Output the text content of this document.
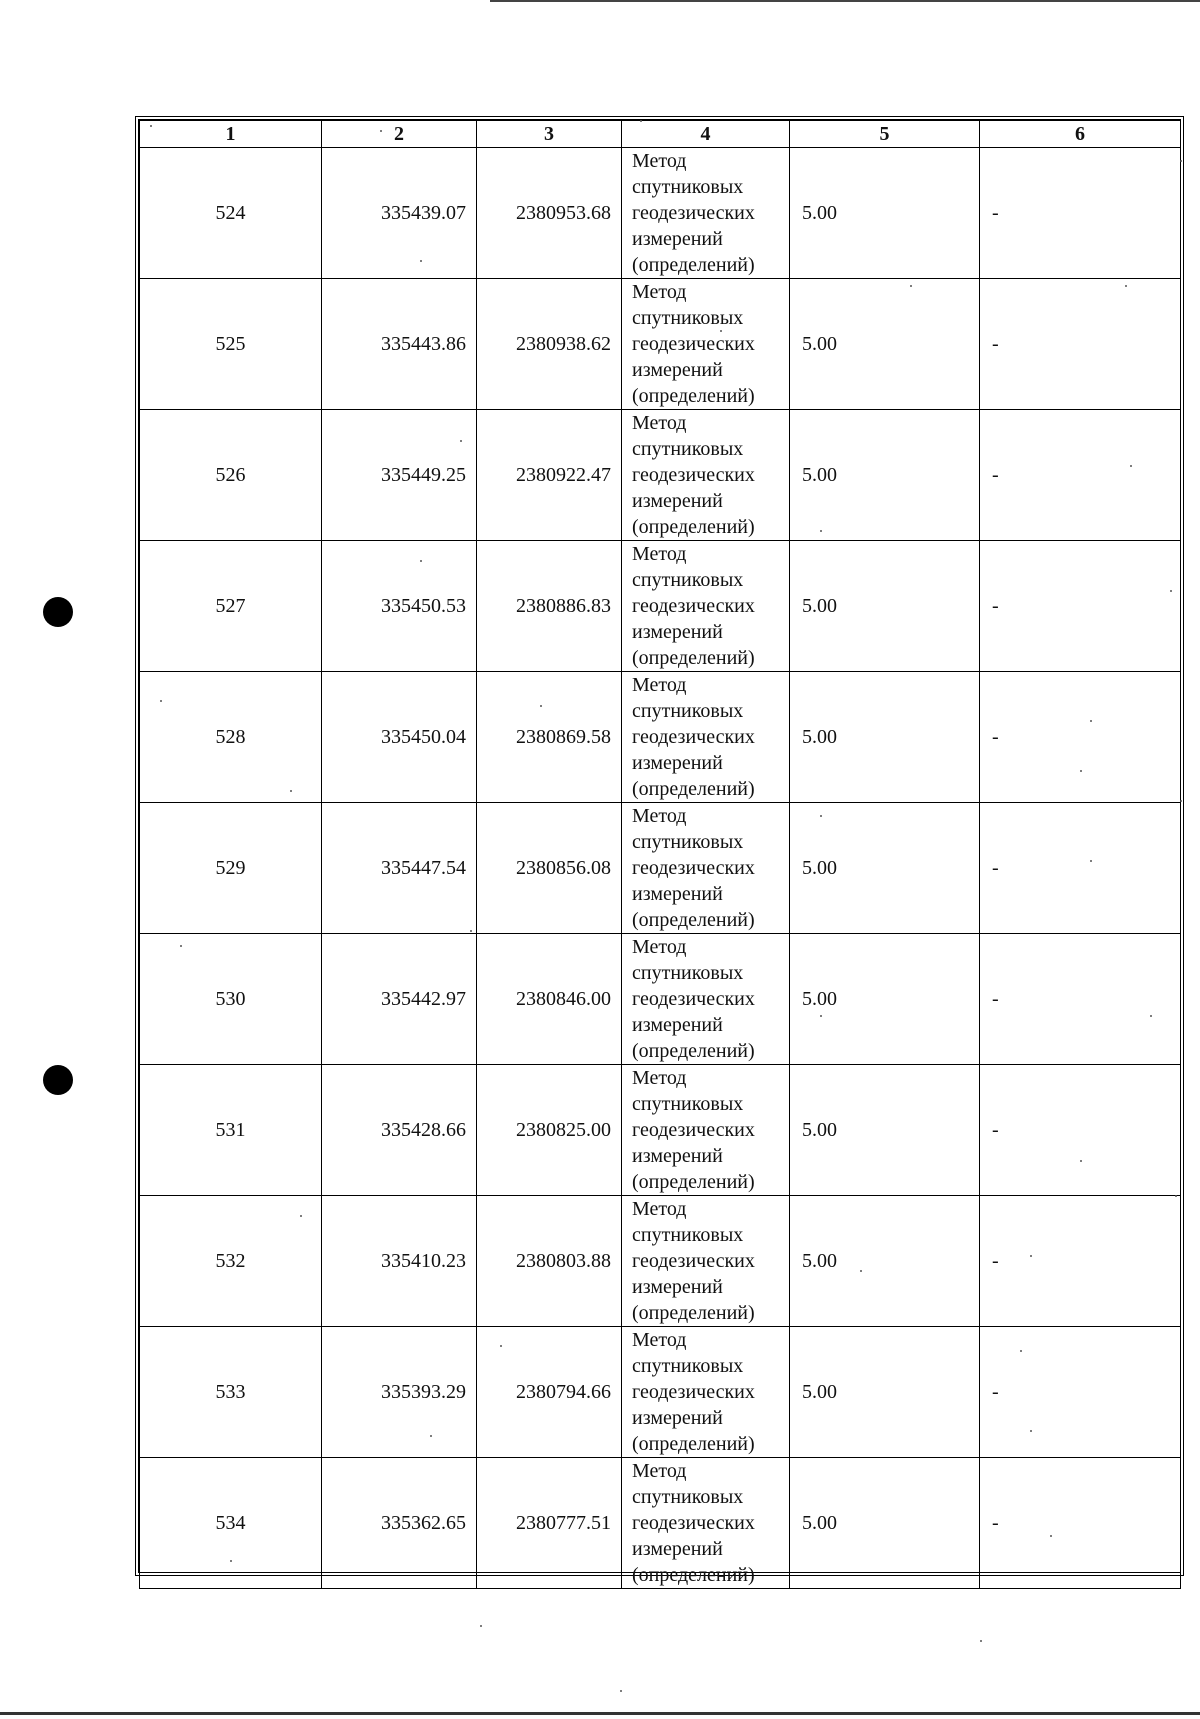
1	2	3	4	5	6
524	335439.07	2380953.68	Метод
спутниковых
геодезических
измерений
(определений)	5.00	-
525	335443.86	2380938.62	Метод
спутниковых
геодезических
измерений
(определений)	5.00	-
526	335449.25	2380922.47	Метод
спутниковых
геодезических
измерений
(определений)	5.00	-
527	335450.53	2380886.83	Метод
спутниковых
геодезических
измерений
(определений)	5.00	-
528	335450.04	2380869.58	Метод
спутниковых
геодезических
измерений
(определений)	5.00	-
529	335447.54	2380856.08	Метод
спутниковых
геодезических
измерений
(определений)	5.00	-
530	335442.97	2380846.00	Метод
спутниковых
геодезических
измерений
(определений)	5.00	-
531	335428.66	2380825.00	Метод
спутниковых
геодезических
измерений
(определений)	5.00	-
532	335410.23	2380803.88	Метод
спутниковых
геодезических
измерений
(определений)	5.00	-
533	335393.29	2380794.66	Метод
спутниковых
геодезических
измерений
(определений)	5.00	-
534	335362.65	2380777.51	Метод
спутниковых
геодезических
измерений
(определений)	5.00	-
